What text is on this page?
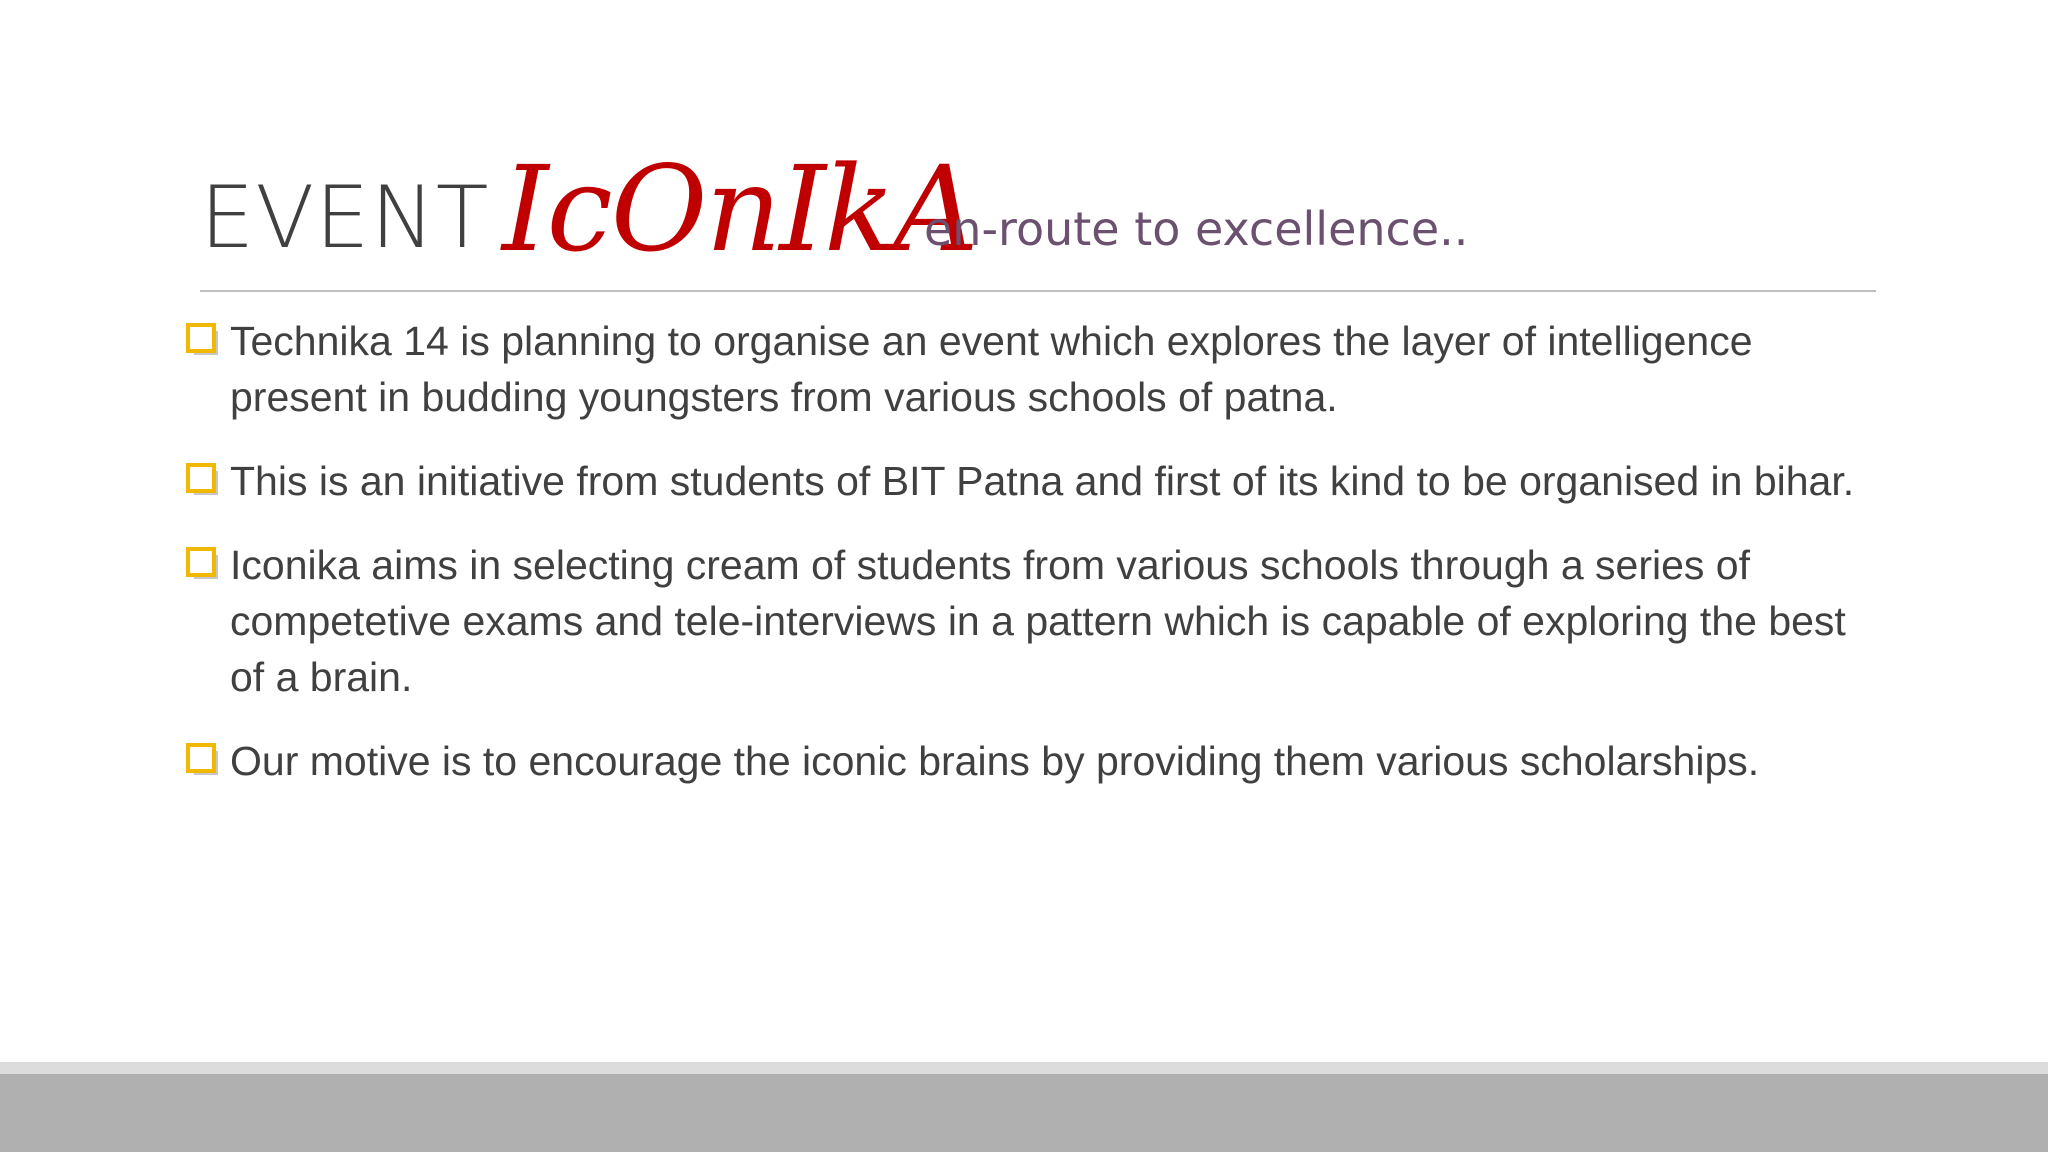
EVENT IcOnIkA
en-route to excellence..
Technika 14 is planning to organise an event which explores the layer of intelligence present in budding youngsters from various schools of patna.
This is an initiative from students of BIT Patna and first of its kind to be organised in bihar.
Iconika aims in selecting cream of students from various schools through a series of competetive exams and tele-interviews in a pattern which is capable of exploring the best of a brain.
Our motive is to encourage the iconic brains by providing them various scholarships.
